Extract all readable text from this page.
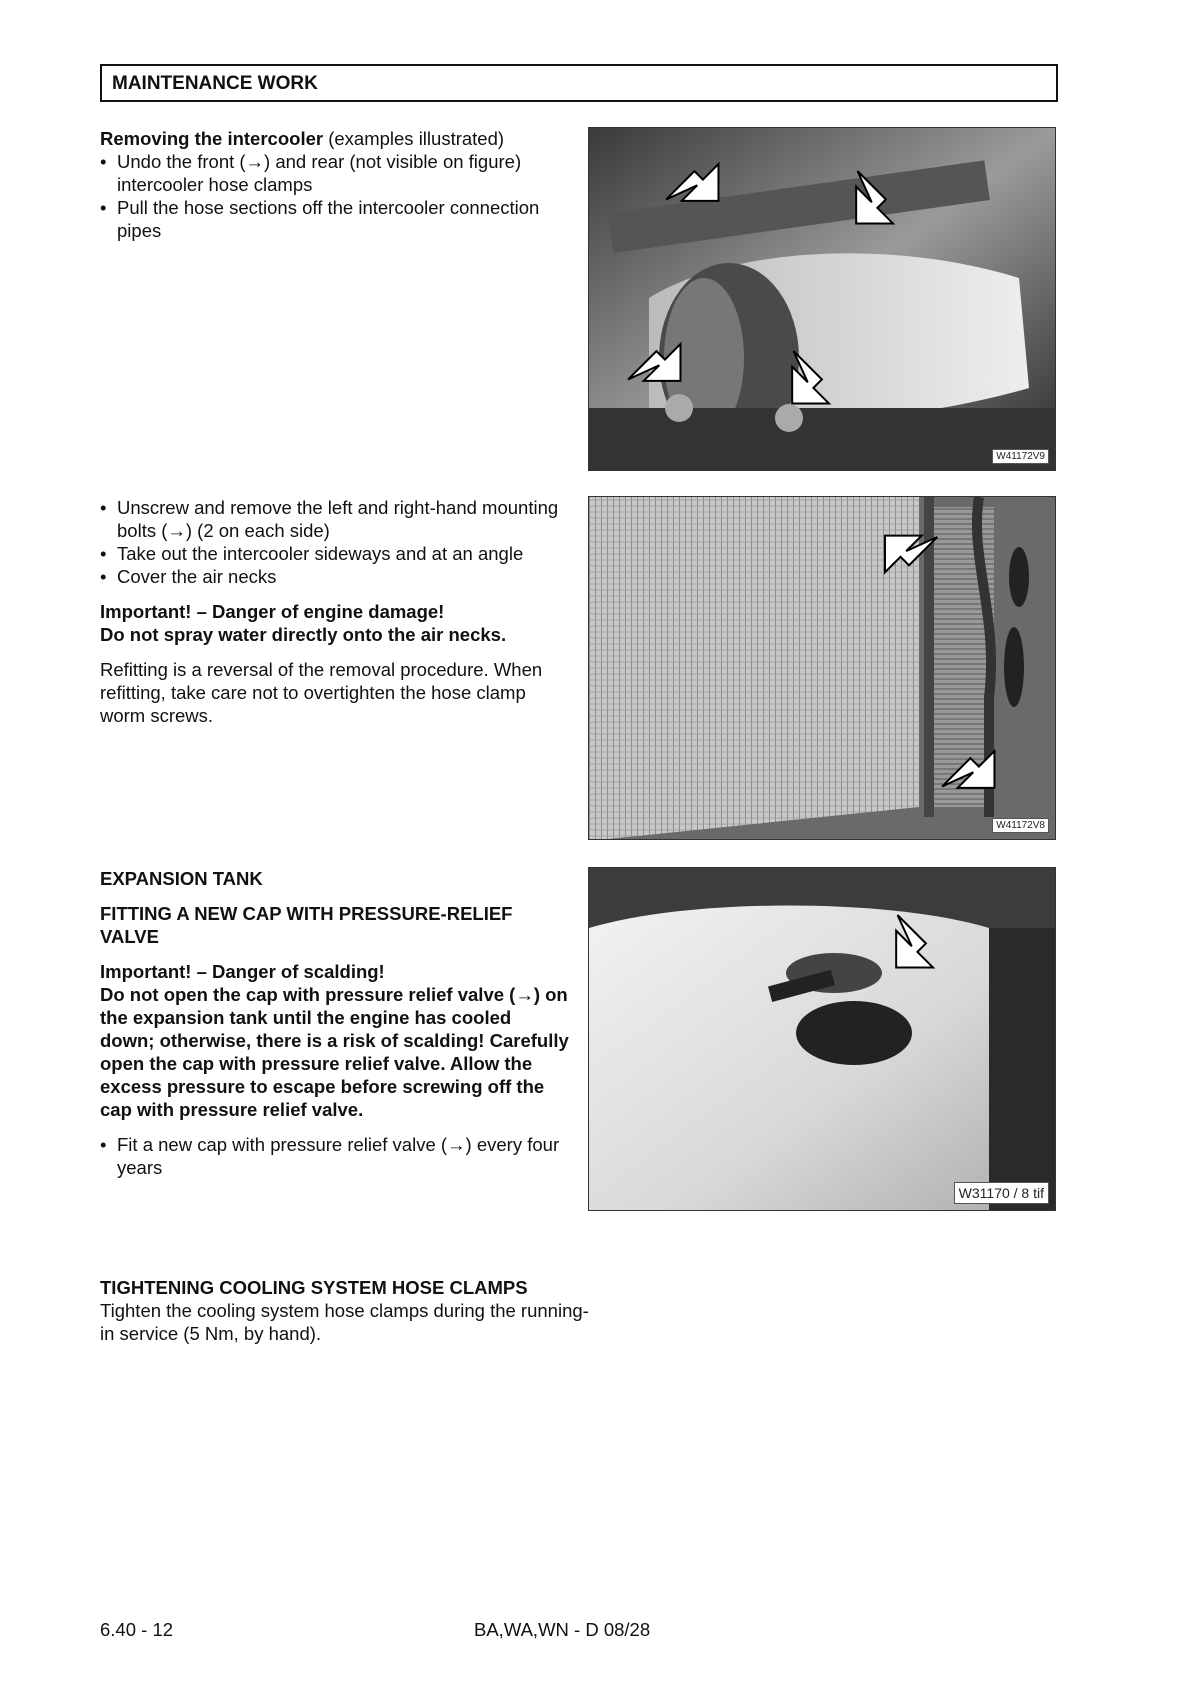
MAINTENANCE WORK

Removing the intercooler (examples illustrated)

• Undo the front (→) and rear (not visible on figure) intercooler hose clamps
• Pull the hose sections off the intercooler connection pipes
W41172V9
• Unscrew and remove the left and right-hand mounting bolts (→) (2 on each side)
• Take out the intercooler sideways and at an angle
• Cover the air necks

Important! – Danger of engine damage!

Do not spray water directly onto the air necks.

Refitting is a reversal of the removal procedure. When refitting, take care not to overtighten the hose clamp worm screws.

W41172V8

EXPANSION TANK

FITTING A NEW CAP WITH PRESSURE-RELIEF VALVE

Important! – Danger of scalding!

Do not open the cap with pressure relief valve (→) on the expansion tank until the engine has cooled down; otherwise, there is a risk of scalding! Carefully open the cap with pressure relief valve. Allow the excess pressure to escape before screwing off the cap with pressure relief valve.

• Fit a new cap with pressure relief valve (→) every four years
W31170 / 8 tif

TIGHTENING COOLING SYSTEM HOSE CLAMPS

Tighten the cooling system hose clamps during the running-in service (5 Nm, by hand).

6.40 - 12	BA,WA,WN - D 08/28
